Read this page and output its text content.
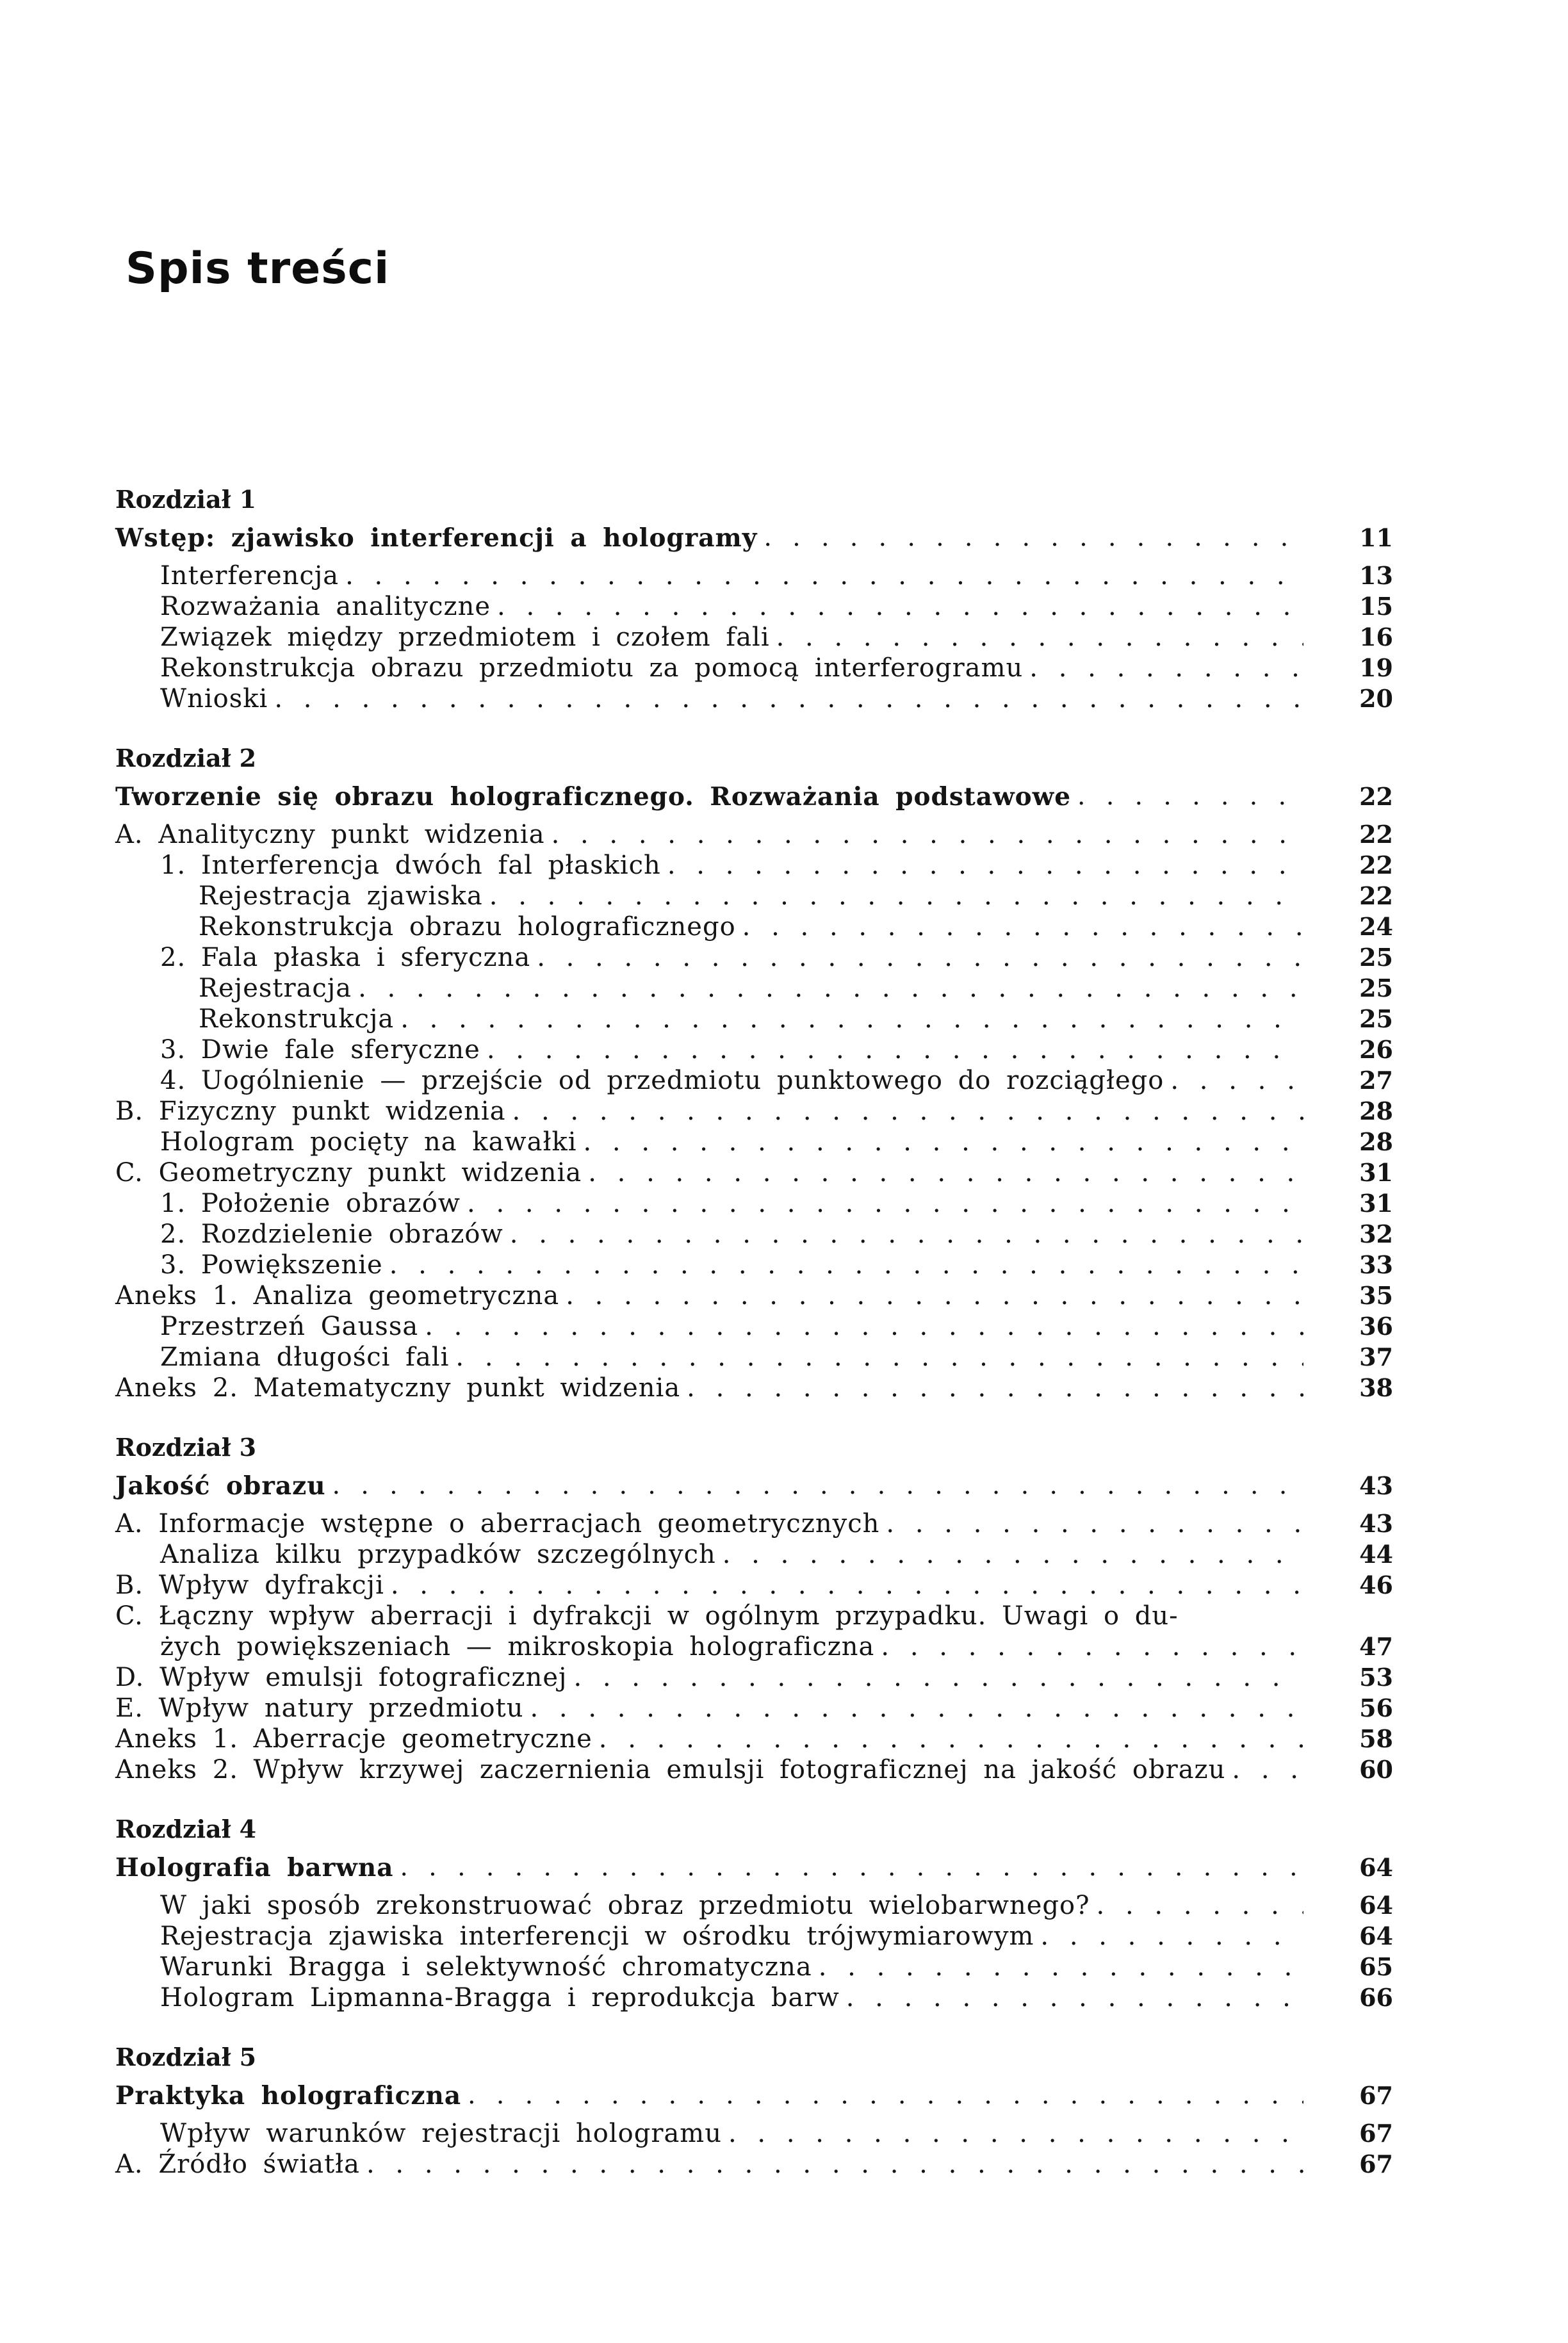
Spis treści
Rozdział 1
Wstęp: zjawisko interferencji a hologramy . . .	11
Interferencja . . .	13
Rozważania analityczne . . .	15
Związek między przedmiotem i czołem fali . . .	16
Rekonstrukcja obrazu przedmiotu za pomocą interferogramu . . .	19
Wnioski . . .	20
Rozdział 2
Tworzenie się obrazu holograficznego. Rozważania podstawowe . . .	22
A. Analityczny punkt widzenia . . .	22
1. Interferencja dwóch fal płaskich . . .	22
Rejestracja zjawiska . . .	22
Rekonstrukcja obrazu holograficznego . . .	24
2. Fala płaska i sferyczna . . .	25
Rejestracja . . .	25
Rekonstrukcja . . .	25
3. Dwie fale sferyczne . . .	26
4. Uogólnienie — przejście od przedmiotu punktowego do rozciągłego . . .	27
B. Fizyczny punkt widzenia . . .	28
Hologram pocięty na kawałki . . .	28
C. Geometryczny punkt widzenia . . .	31
1. Położenie obrazów . . .	31
2. Rozdzielenie obrazów . . .	32
3. Powiększenie . . .	33
Aneks 1. Analiza geometryczna . . .	35
Przestrzeń Gaussa . . .	36
Zmiana długości fali . . .	37
Aneks 2. Matematyczny punkt widzenia . . .	38
Rozdział 3
Jakość obrazu . . .	43
A. Informacje wstępne o aberracjach geometrycznych . . .	43
Analiza kilku przypadków szczególnych . . .	44
B. Wpływ dyfrakcji . . .	46
C. Łączny wpływ aberracji i dyfrakcji w ogólnym przypadku. Uwagi o du-
żych powiększeniach — mikroskopia holograficzna . . .	47
D. Wpływ emulsji fotograficznej . . .	53
E. Wpływ natury przedmiotu . . .	56
Aneks 1. Aberracje geometryczne . . .	58
Aneks 2. Wpływ krzywej zaczernienia emulsji fotograficznej na jakość obrazu . . .	60
Rozdział 4
Holografia barwna . . .	64
W jaki sposób zrekonstruować obraz przedmiotu wielobarwnego? . . .	64
Rejestracja zjawiska interferencji w ośrodku trójwymiarowym . . .	64
Warunki Bragga i selektywność chromatyczna . . .	65
Hologram Lipmanna-Bragga i reprodukcja barw . . .	66
Rozdział 5
Praktyka holograficzna . . .	67
Wpływ warunków rejestracji hologramu . . .	67
A. Źródło światła . . .	67
